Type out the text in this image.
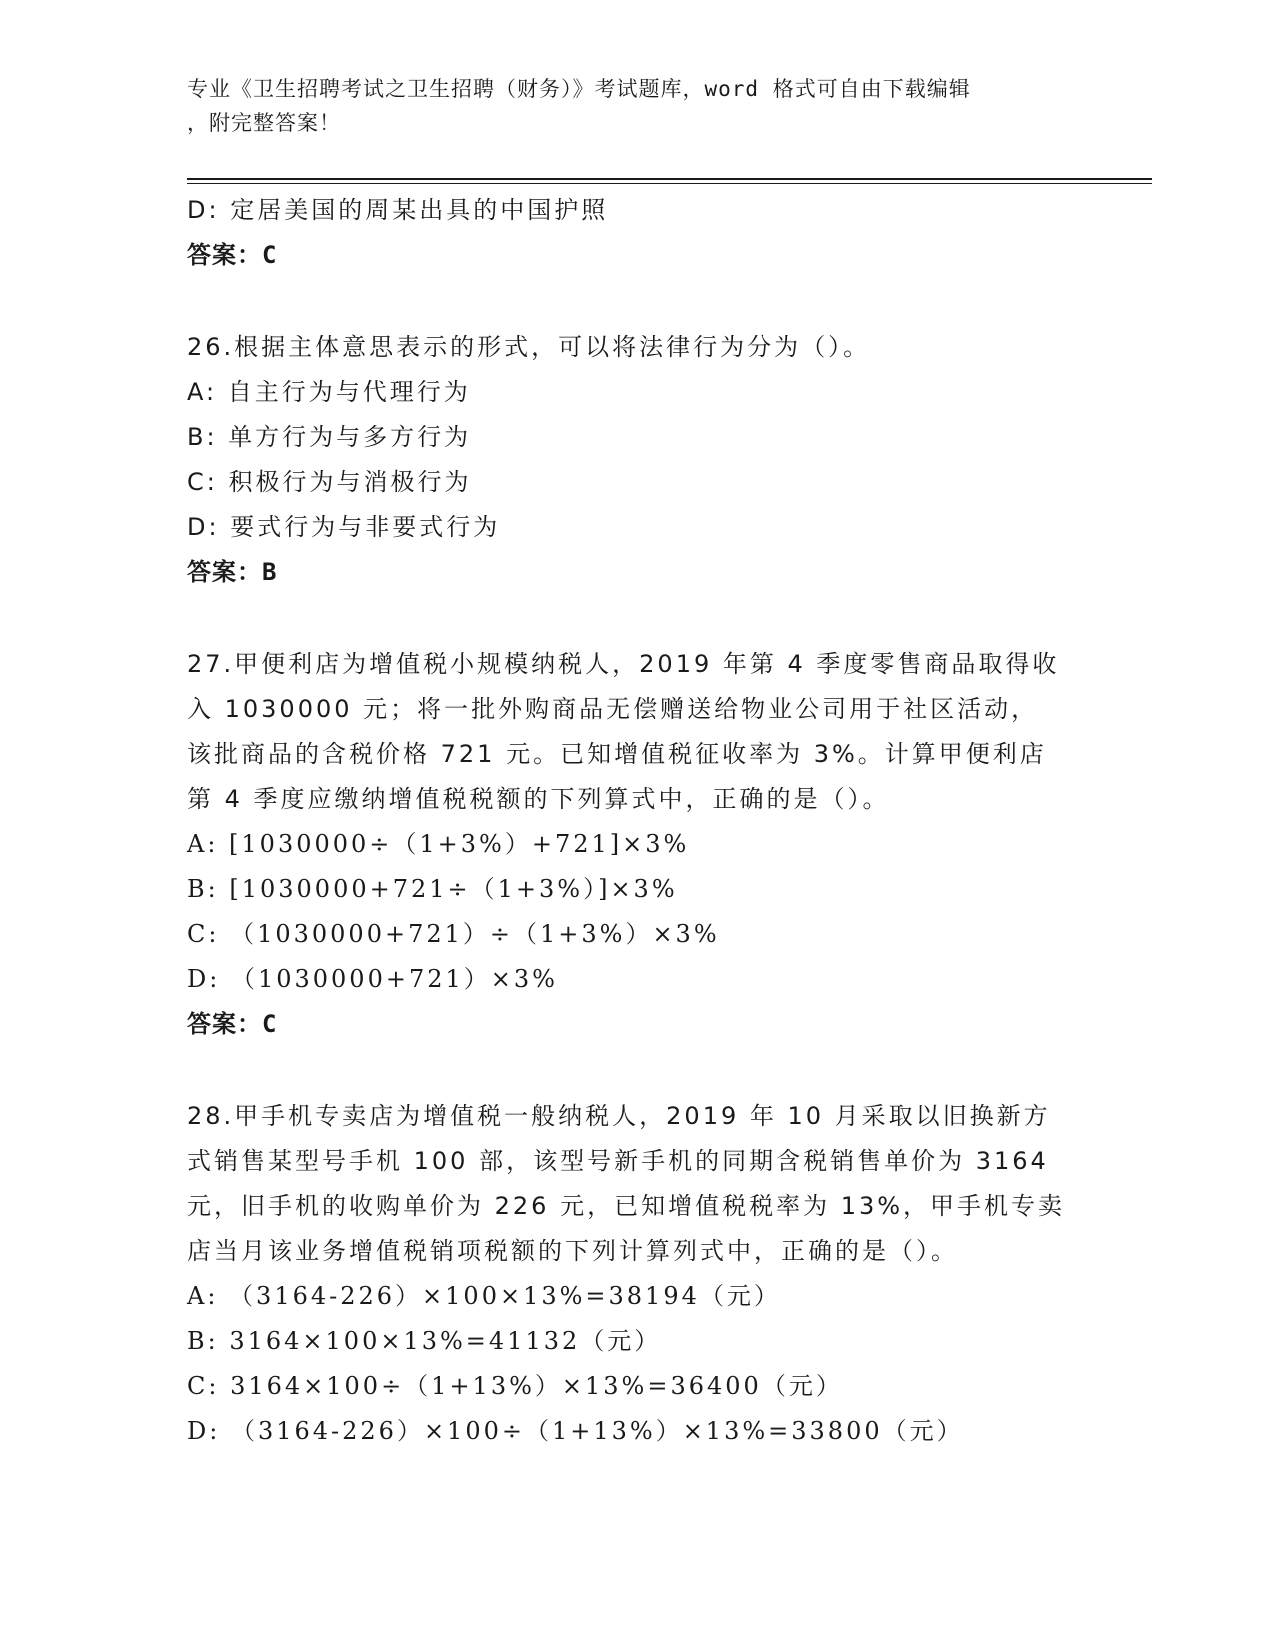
专业《卫生招聘考试之卫生招聘（财务）》考试题库，word 格式可自由下载编辑
，附完整答案！
D: 定居美国的周某出具的中国护照
答案：C
26.根据主体意思表示的形式，可以将法律行为分为（）。
A: 自主行为与代理行为
B: 单方行为与多方行为
C: 积极行为与消极行为
D: 要式行为与非要式行为
答案：B
27.甲便利店为增值税小规模纳税人，2019 年第 4 季度零售商品取得收
入 1030000 元；将一批外购商品无偿赠送给物业公司用于社区活动，
该批商品的含税价格 721 元。已知增值税征收率为 3%。计算甲便利店
第 4 季度应缴纳增值税税额的下列算式中，正确的是（）。
A: [1030000÷（1+3%）+721]×3%
B: [1030000+721÷（1+3%）]×3%
C: （1030000+721）÷（1+3%）×3%
D: （1030000+721）×3%
答案：C
28.甲手机专卖店为增值税一般纳税人，2019 年 10 月采取以旧换新方
式销售某型号手机 100 部，该型号新手机的同期含税销售单价为 3164
元，旧手机的收购单价为 226 元，已知增值税税率为 13%，甲手机专卖
店当月该业务增值税销项税额的下列计算列式中，正确的是（）。
A: （3164-226）×100×13%=38194（元）
B: 3164×100×13%=41132（元）
C: 3164×100÷（1+13%）×13%=36400（元）
D: （3164-226）×100÷（1+13%）×13%=33800（元）
